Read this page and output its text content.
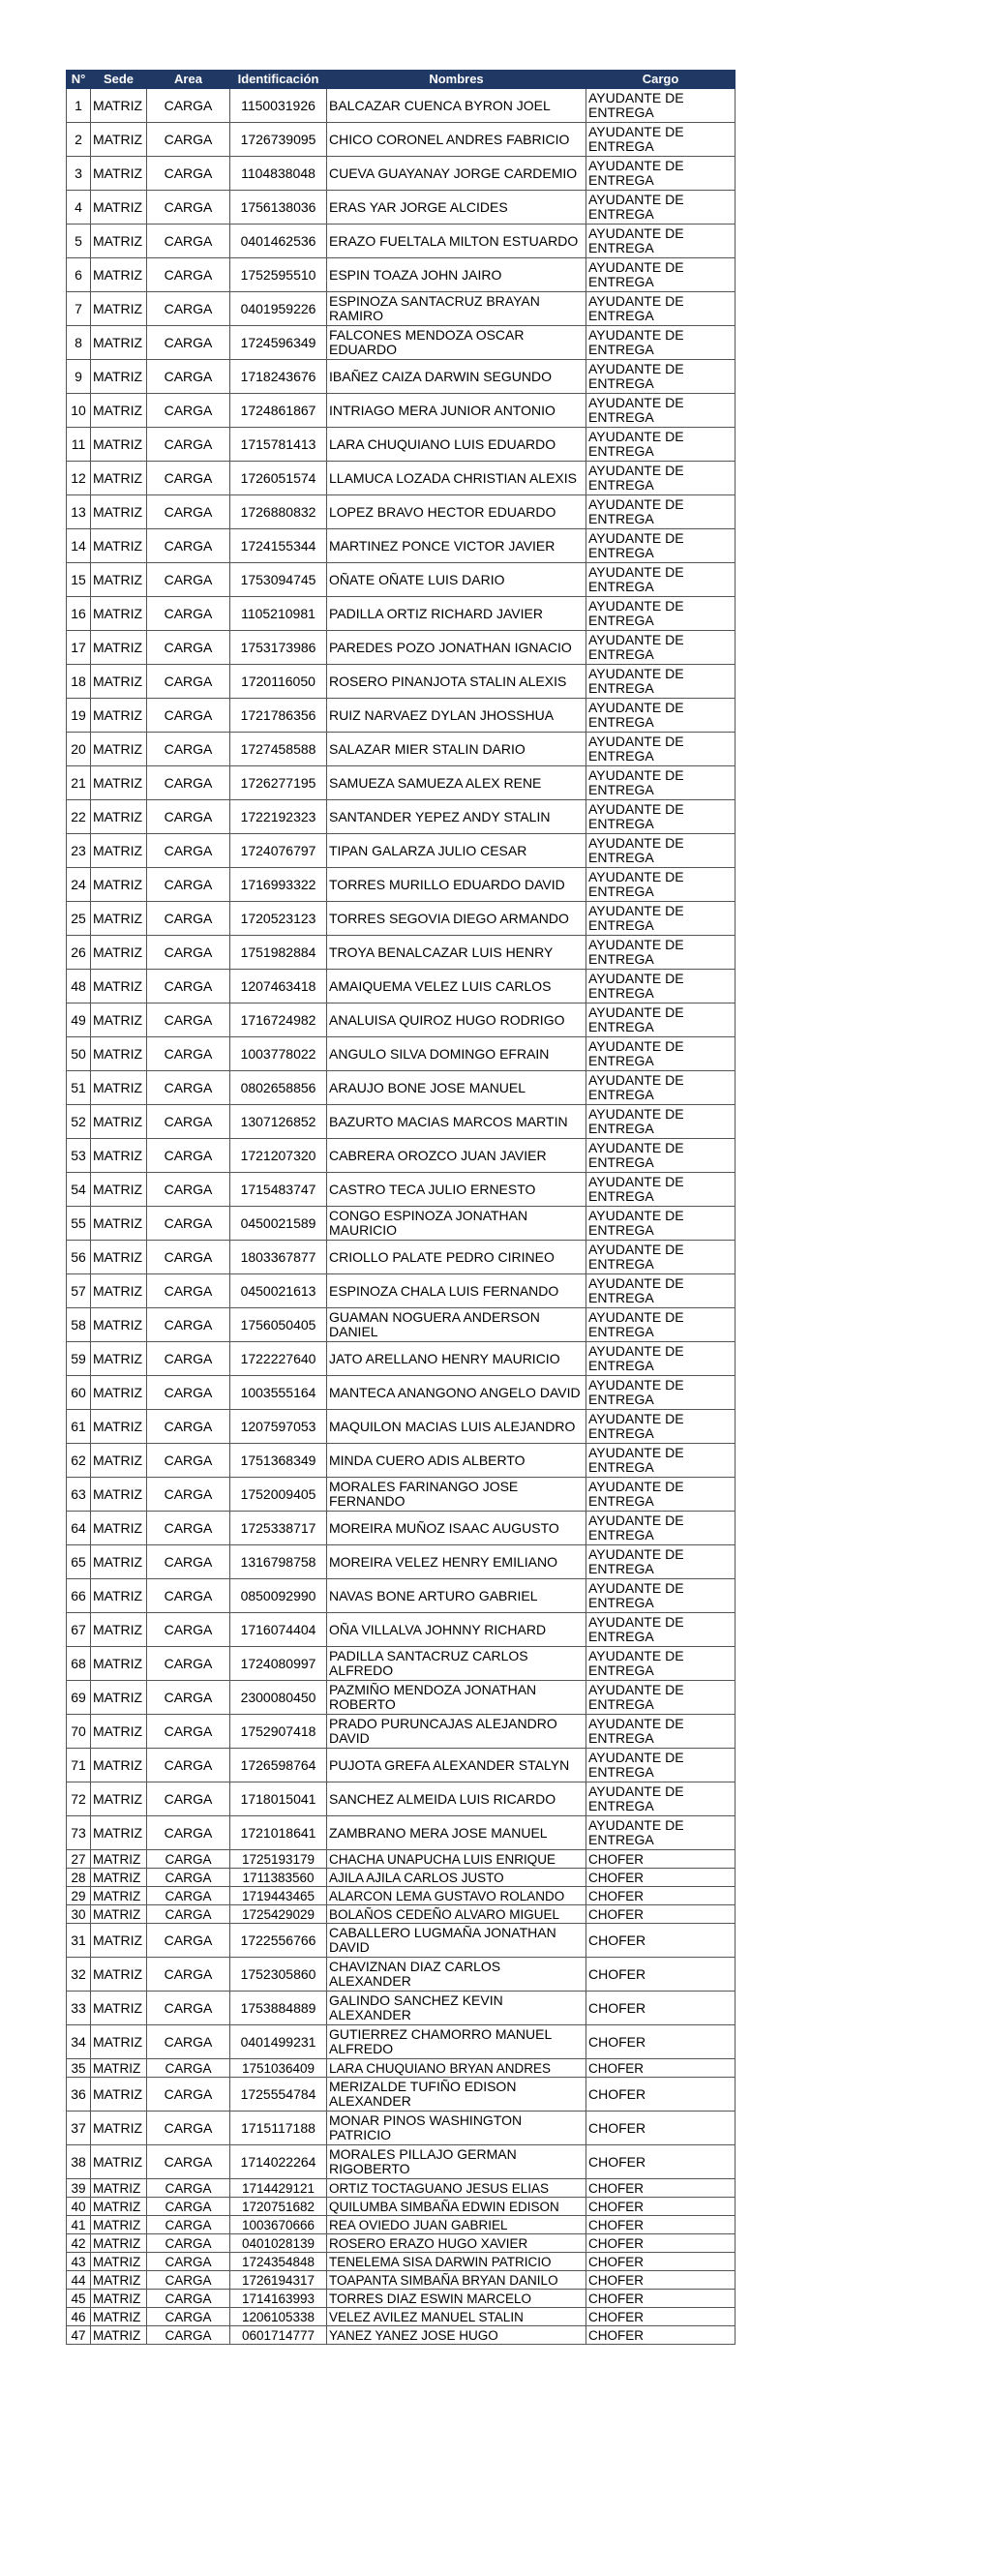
N°	Sede	Area	Identificación	Nombres	Cargo
1	MATRIZ	CARGA	1150031926	BALCAZAR CUENCA BYRON JOEL	AYUDANTE DE ENTREGA
2	MATRIZ	CARGA	1726739095	CHICO CORONEL ANDRES FABRICIO	AYUDANTE DE ENTREGA
3	MATRIZ	CARGA	1104838048	CUEVA GUAYANAY JORGE CARDEMIO	AYUDANTE DE ENTREGA
4	MATRIZ	CARGA	1756138036	ERAS YAR JORGE ALCIDES	AYUDANTE DE ENTREGA
5	MATRIZ	CARGA	0401462536	ERAZO FUELTALA MILTON ESTUARDO	AYUDANTE DE ENTREGA
6	MATRIZ	CARGA	1752595510	ESPIN TOAZA JOHN JAIRO	AYUDANTE DE ENTREGA
7	MATRIZ	CARGA	0401959226	ESPINOZA SANTACRUZ BRAYAN RAMIRO	AYUDANTE DE ENTREGA
8	MATRIZ	CARGA	1724596349	FALCONES MENDOZA OSCAR EDUARDO	AYUDANTE DE ENTREGA
9	MATRIZ	CARGA	1718243676	IBAÑEZ CAIZA DARWIN SEGUNDO	AYUDANTE DE ENTREGA
10	MATRIZ	CARGA	1724861867	INTRIAGO MERA JUNIOR ANTONIO	AYUDANTE DE ENTREGA
11	MATRIZ	CARGA	1715781413	LARA CHUQUIANO LUIS EDUARDO	AYUDANTE DE ENTREGA
12	MATRIZ	CARGA	1726051574	LLAMUCA LOZADA CHRISTIAN ALEXIS	AYUDANTE DE ENTREGA
13	MATRIZ	CARGA	1726880832	LOPEZ BRAVO HECTOR EDUARDO	AYUDANTE DE ENTREGA
14	MATRIZ	CARGA	1724155344	MARTINEZ PONCE VICTOR JAVIER	AYUDANTE DE ENTREGA
15	MATRIZ	CARGA	1753094745	OÑATE OÑATE LUIS DARIO	AYUDANTE DE ENTREGA
16	MATRIZ	CARGA	1105210981	PADILLA ORTIZ RICHARD JAVIER	AYUDANTE DE ENTREGA
17	MATRIZ	CARGA	1753173986	PAREDES POZO JONATHAN IGNACIO	AYUDANTE DE ENTREGA
18	MATRIZ	CARGA	1720116050	ROSERO PINANJOTA STALIN ALEXIS	AYUDANTE DE ENTREGA
19	MATRIZ	CARGA	1721786356	RUIZ NARVAEZ DYLAN JHOSSHUA	AYUDANTE DE ENTREGA
20	MATRIZ	CARGA	1727458588	SALAZAR MIER STALIN DARIO	AYUDANTE DE ENTREGA
21	MATRIZ	CARGA	1726277195	SAMUEZA SAMUEZA ALEX RENE	AYUDANTE DE ENTREGA
22	MATRIZ	CARGA	1722192323	SANTANDER YEPEZ ANDY STALIN	AYUDANTE DE ENTREGA
23	MATRIZ	CARGA	1724076797	TIPAN GALARZA JULIO CESAR	AYUDANTE DE ENTREGA
24	MATRIZ	CARGA	1716993322	TORRES MURILLO EDUARDO DAVID	AYUDANTE DE ENTREGA
25	MATRIZ	CARGA	1720523123	TORRES SEGOVIA DIEGO ARMANDO	AYUDANTE DE ENTREGA
26	MATRIZ	CARGA	1751982884	TROYA BENALCAZAR LUIS HENRY	AYUDANTE DE ENTREGA
48	MATRIZ	CARGA	1207463418	AMAIQUEMA VELEZ LUIS CARLOS	AYUDANTE DE ENTREGA
49	MATRIZ	CARGA	1716724982	ANALUISA QUIROZ HUGO RODRIGO	AYUDANTE DE ENTREGA
50	MATRIZ	CARGA	1003778022	ANGULO SILVA DOMINGO EFRAIN	AYUDANTE DE ENTREGA
51	MATRIZ	CARGA	0802658856	ARAUJO BONE JOSE MANUEL	AYUDANTE DE ENTREGA
52	MATRIZ	CARGA	1307126852	BAZURTO MACIAS MARCOS MARTIN	AYUDANTE DE ENTREGA
53	MATRIZ	CARGA	1721207320	CABRERA OROZCO JUAN JAVIER	AYUDANTE DE ENTREGA
54	MATRIZ	CARGA	1715483747	CASTRO TECA JULIO ERNESTO	AYUDANTE DE ENTREGA
55	MATRIZ	CARGA	0450021589	CONGO ESPINOZA JONATHAN MAURICIO	AYUDANTE DE ENTREGA
56	MATRIZ	CARGA	1803367877	CRIOLLO PALATE PEDRO CIRINEO	AYUDANTE DE ENTREGA
57	MATRIZ	CARGA	0450021613	ESPINOZA CHALA LUIS FERNANDO	AYUDANTE DE ENTREGA
58	MATRIZ	CARGA	1756050405	GUAMAN NOGUERA ANDERSON DANIEL	AYUDANTE DE ENTREGA
59	MATRIZ	CARGA	1722227640	JATO ARELLANO HENRY MAURICIO	AYUDANTE DE ENTREGA
60	MATRIZ	CARGA	1003555164	MANTECA ANANGONO ANGELO DAVID	AYUDANTE DE ENTREGA
61	MATRIZ	CARGA	1207597053	MAQUILON MACIAS LUIS ALEJANDRO	AYUDANTE DE ENTREGA
62	MATRIZ	CARGA	1751368349	MINDA CUERO ADIS ALBERTO	AYUDANTE DE ENTREGA
63	MATRIZ	CARGA	1752009405	MORALES FARINANGO JOSE FERNANDO	AYUDANTE DE ENTREGA
64	MATRIZ	CARGA	1725338717	MOREIRA MUÑOZ ISAAC AUGUSTO	AYUDANTE DE ENTREGA
65	MATRIZ	CARGA	1316798758	MOREIRA VELEZ HENRY EMILIANO	AYUDANTE DE ENTREGA
66	MATRIZ	CARGA	0850092990	NAVAS BONE ARTURO GABRIEL	AYUDANTE DE ENTREGA
67	MATRIZ	CARGA	1716074404	OÑA VILLALVA JOHNNY RICHARD	AYUDANTE DE ENTREGA
68	MATRIZ	CARGA	1724080997	PADILLA SANTACRUZ CARLOS ALFREDO	AYUDANTE DE ENTREGA
69	MATRIZ	CARGA	2300080450	PAZMIÑO MENDOZA JONATHAN ROBERTO	AYUDANTE DE ENTREGA
70	MATRIZ	CARGA	1752907418	PRADO PURUNCAJAS ALEJANDRO DAVID	AYUDANTE DE ENTREGA
71	MATRIZ	CARGA	1726598764	PUJOTA GREFA ALEXANDER STALYN	AYUDANTE DE ENTREGA
72	MATRIZ	CARGA	1718015041	SANCHEZ ALMEIDA LUIS RICARDO	AYUDANTE DE ENTREGA
73	MATRIZ	CARGA	1721018641	ZAMBRANO MERA JOSE MANUEL	AYUDANTE DE ENTREGA
27	MATRIZ	CARGA	1725193179	CHACHA UNAPUCHA LUIS ENRIQUE	CHOFER
28	MATRIZ	CARGA	1711383560	AJILA AJILA CARLOS JUSTO	CHOFER
29	MATRIZ	CARGA	1719443465	ALARCON LEMA GUSTAVO ROLANDO	CHOFER
30	MATRIZ	CARGA	1725429029	BOLAÑOS CEDEÑO ALVARO MIGUEL	CHOFER
31	MATRIZ	CARGA	1722556766	CABALLERO LUGMAÑA JONATHAN DAVID	CHOFER
32	MATRIZ	CARGA	1752305860	CHAVIZNAN DIAZ CARLOS ALEXANDER	CHOFER
33	MATRIZ	CARGA	1753884889	GALINDO SANCHEZ KEVIN ALEXANDER	CHOFER
34	MATRIZ	CARGA	0401499231	GUTIERREZ CHAMORRO MANUEL ALFREDO	CHOFER
35	MATRIZ	CARGA	1751036409	LARA CHUQUIANO BRYAN ANDRES	CHOFER
36	MATRIZ	CARGA	1725554784	MERIZALDE TUFIÑO EDISON ALEXANDER	CHOFER
37	MATRIZ	CARGA	1715117188	MONAR PINOS WASHINGTON PATRICIO	CHOFER
38	MATRIZ	CARGA	1714022264	MORALES PILLAJO GERMAN RIGOBERTO	CHOFER
39	MATRIZ	CARGA	1714429121	ORTIZ TOCTAGUANO JESUS ELIAS	CHOFER
40	MATRIZ	CARGA	1720751682	QUILUMBA SIMBAÑA EDWIN EDISON	CHOFER
41	MATRIZ	CARGA	1003670666	REA OVIEDO JUAN GABRIEL	CHOFER
42	MATRIZ	CARGA	0401028139	ROSERO ERAZO HUGO XAVIER	CHOFER
43	MATRIZ	CARGA	1724354848	TENELEMA SISA DARWIN PATRICIO	CHOFER
44	MATRIZ	CARGA	1726194317	TOAPANTA SIMBAÑA BRYAN DANILO	CHOFER
45	MATRIZ	CARGA	1714163993	TORRES DIAZ ESWIN MARCELO	CHOFER
46	MATRIZ	CARGA	1206105338	VELEZ AVILEZ MANUEL STALIN	CHOFER
47	MATRIZ	CARGA	0601714777	YANEZ YANEZ JOSE HUGO	CHOFER
